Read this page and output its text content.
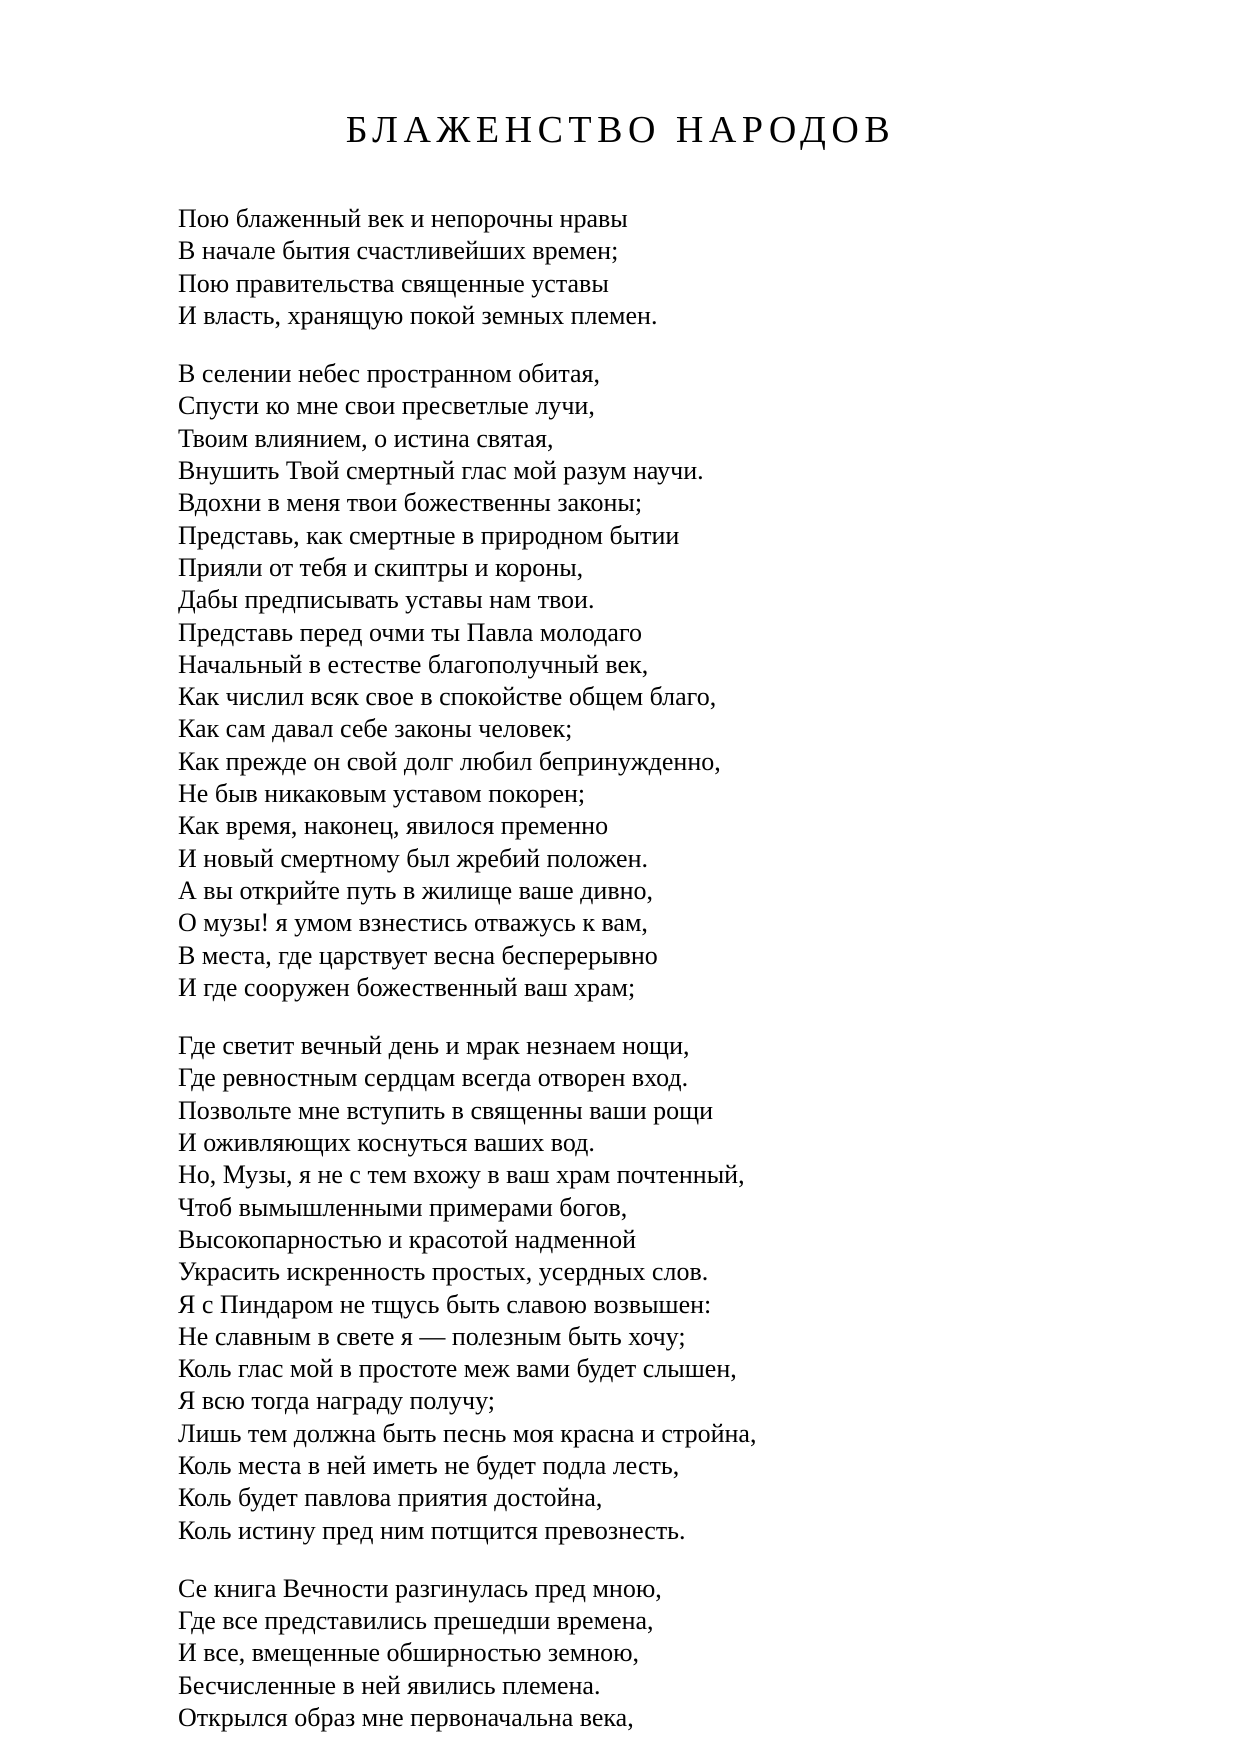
БЛАЖЕНСТВО НАРОДОВ
Пою блаженный век и непорочны нравы
В начале бытия счастливейших времен;
Пою правительства священные уставы
И власть, хранящую покой земных племен.
В селении небес пространном обитая,
Спусти ко мне свои пресветлые лучи,
Твоим влиянием, о истина святая,
Внушить Твой смертный глас мой разум научи.
Вдохни в меня твои божественны законы;
Представь, как смертные в природном бытии
Прияли от тебя и скиптры и короны,
Дабы предписывать уставы нам твои.
Представь перед очми ты Павла молодаго
Начальный в естестве благополучный век,
Как числил всяк свое в спокойстве общем благо,
Как сам давал себе законы человек;
Как прежде он свой долг любил бепринужденно,
Не быв никаковым уставом покорен;
Как время, наконец, явилося пременно
И новый смертному был жребий положен.
А вы открийте путь в жилище ваше дивно,
О музы! я умом взнестись отважусь к вам,
В места, где царствует весна бесперерывно
И где сооружен божественный ваш храм;
Где светит вечный день и мрак незнаем нощи,
Где ревностным сердцам всегда отворен вход.
Позвольте мне вступить в священны ваши рощи
И оживляющих коснуться ваших вод.
Но, Музы, я не с тем вхожу в ваш храм почтенный,
Чтоб вымышленными примерами богов,
Высокопарностью и красотой надменной
Украсить искренность простых, усердных слов.
Я с Пиндаром не тщусь быть славою возвышен:
Не славным в свете я — полезным быть хочу;
Коль глас мой в простоте меж вами будет слышен,
Я всю тогда награду получу;
Лишь тем должна быть песнь моя красна и стройна,
Коль места в ней иметь не будет подла лесть,
Коль будет павлова приятия достойна,
Коль истину пред ним потщится превознесть.
Се книга Вечности разгинулась пред мною,
Где все представились прешедши времена,
И все, вмещенные обширностью земною,
Бесчисленные в ней явились племена.
Открылся образ мне первоначальна века,
